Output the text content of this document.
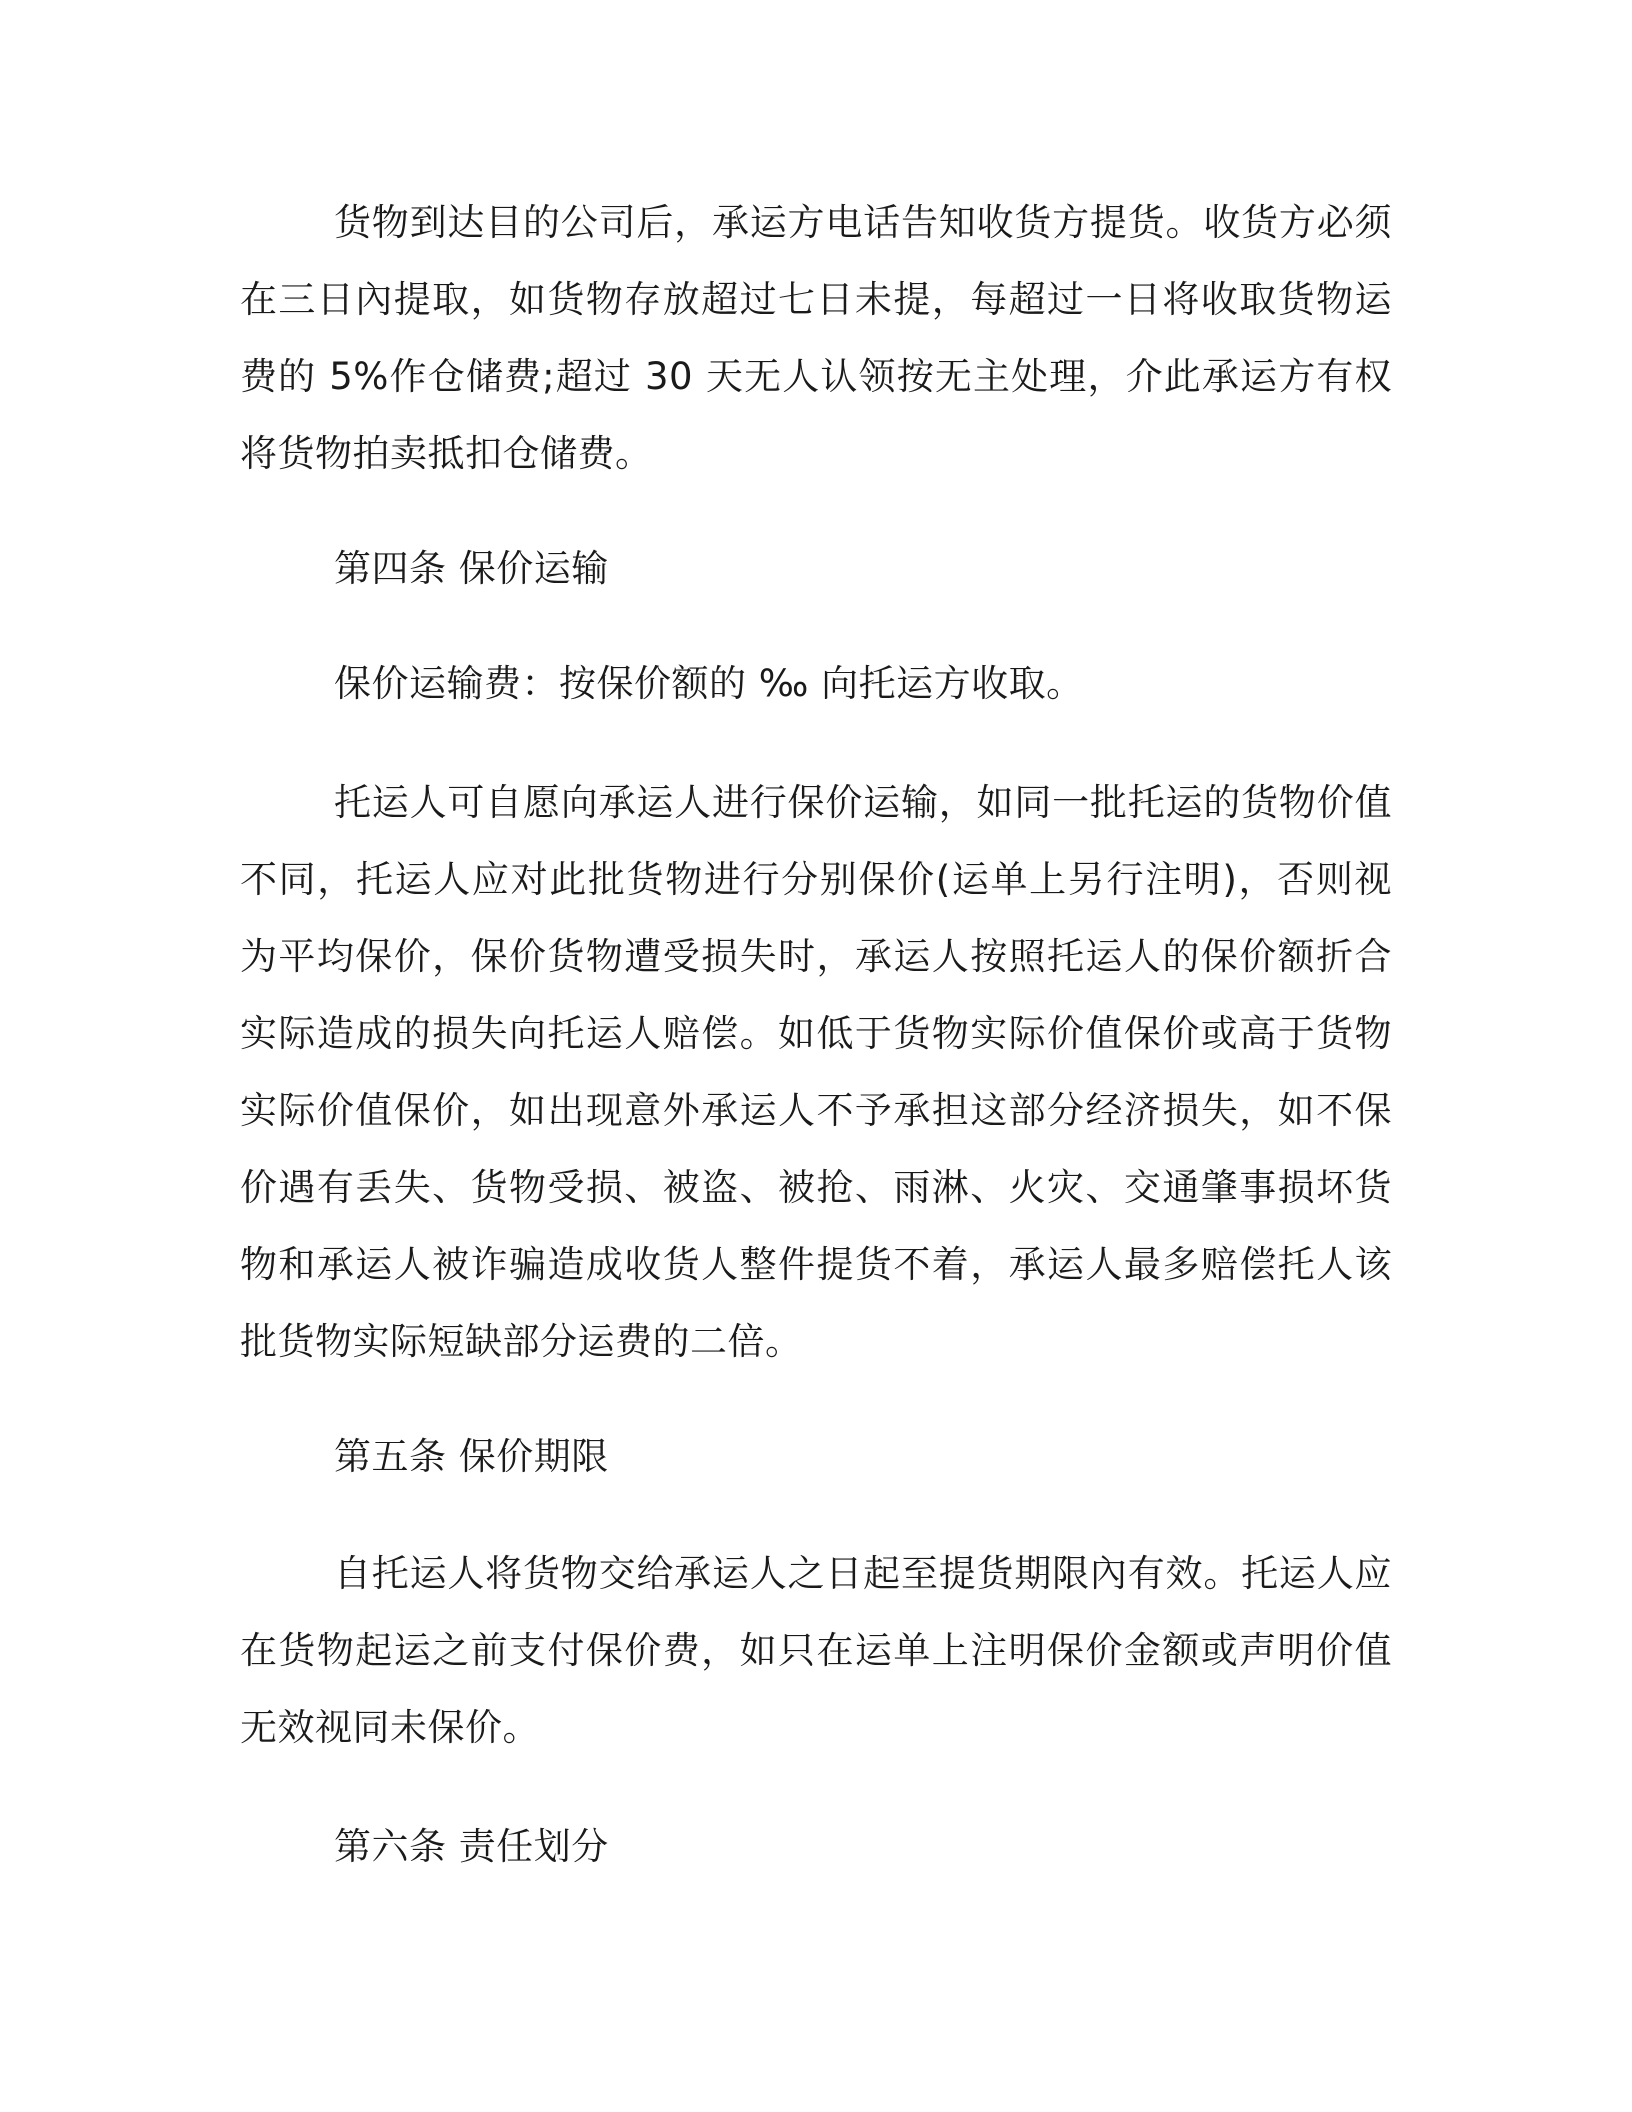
货物到达目的公司后，承运方电话告知收货方提货。收货方必须在三日內提取，如货物存放超过七日未提，每超过一日将收取货物运费的 5%作仓储费;超过 30 天无人认领按无主处理，介此承运方有权将货物拍卖抵扣仓储费。

第四条 保价运输

保价运输费：按保价额的 ‰ 向托运方收取。

托运人可自愿向承运人进行保价运输，如同一批托运的货物价值不同，托运人应对此批货物进行分别保价(运单上另行注明)，否则视为平均保价，保价货物遭受损失时，承运人按照托运人的保价额折合实际造成的损失向托运人赔偿。如低于货物实际价值保价或高于货物实际价值保价，如出现意外承运人不予承担这部分经济损失，如不保价遇有丢失、货物受损、被盗、被抢、雨淋、火灾、交通肇事损坏货物和承运人被诈骗造成收货人整件提货不着，承运人最多赔偿托人该批货物实际短缺部分运费的二倍。

第五条 保价期限

自托运人将货物交给承运人之日起至提货期限內有效。托运人应在货物起运之前支付保价费，如只在运单上注明保价金额或声明价值无效视同未保价。

第六条 责任划分
